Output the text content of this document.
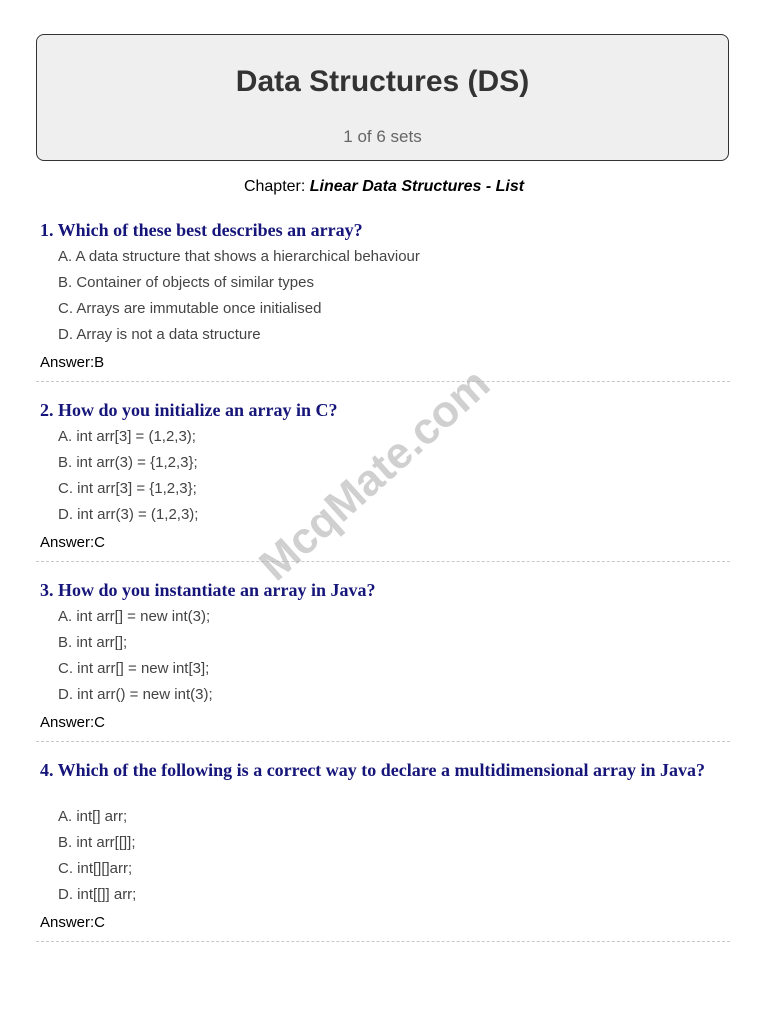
Data Structures (DS)
1 of 6 sets
Chapter: Linear Data Structures - List
1. Which of these best describes an array?
A. A data structure that shows a hierarchical behaviour
B. Container of objects of similar types
C. Arrays are immutable once initialised
D. Array is not a data structure
Answer:B
2. How do you initialize an array in C?
A. int arr[3] = (1,2,3);
B. int arr(3) = {1,2,3};
C. int arr[3] = {1,2,3};
D. int arr(3) = (1,2,3);
Answer:C
3. How do you instantiate an array in Java?
A. int arr[] = new int(3);
B. int arr[];
C. int arr[] = new int[3];
D. int arr() = new int(3);
Answer:C
4. Which of the following is a correct way to declare a multidimensional array in Java?
A. int[] arr;
B. int arr[[]];
C. int[][]arr;
D. int[[]] arr;
Answer:C
McqMate.com
